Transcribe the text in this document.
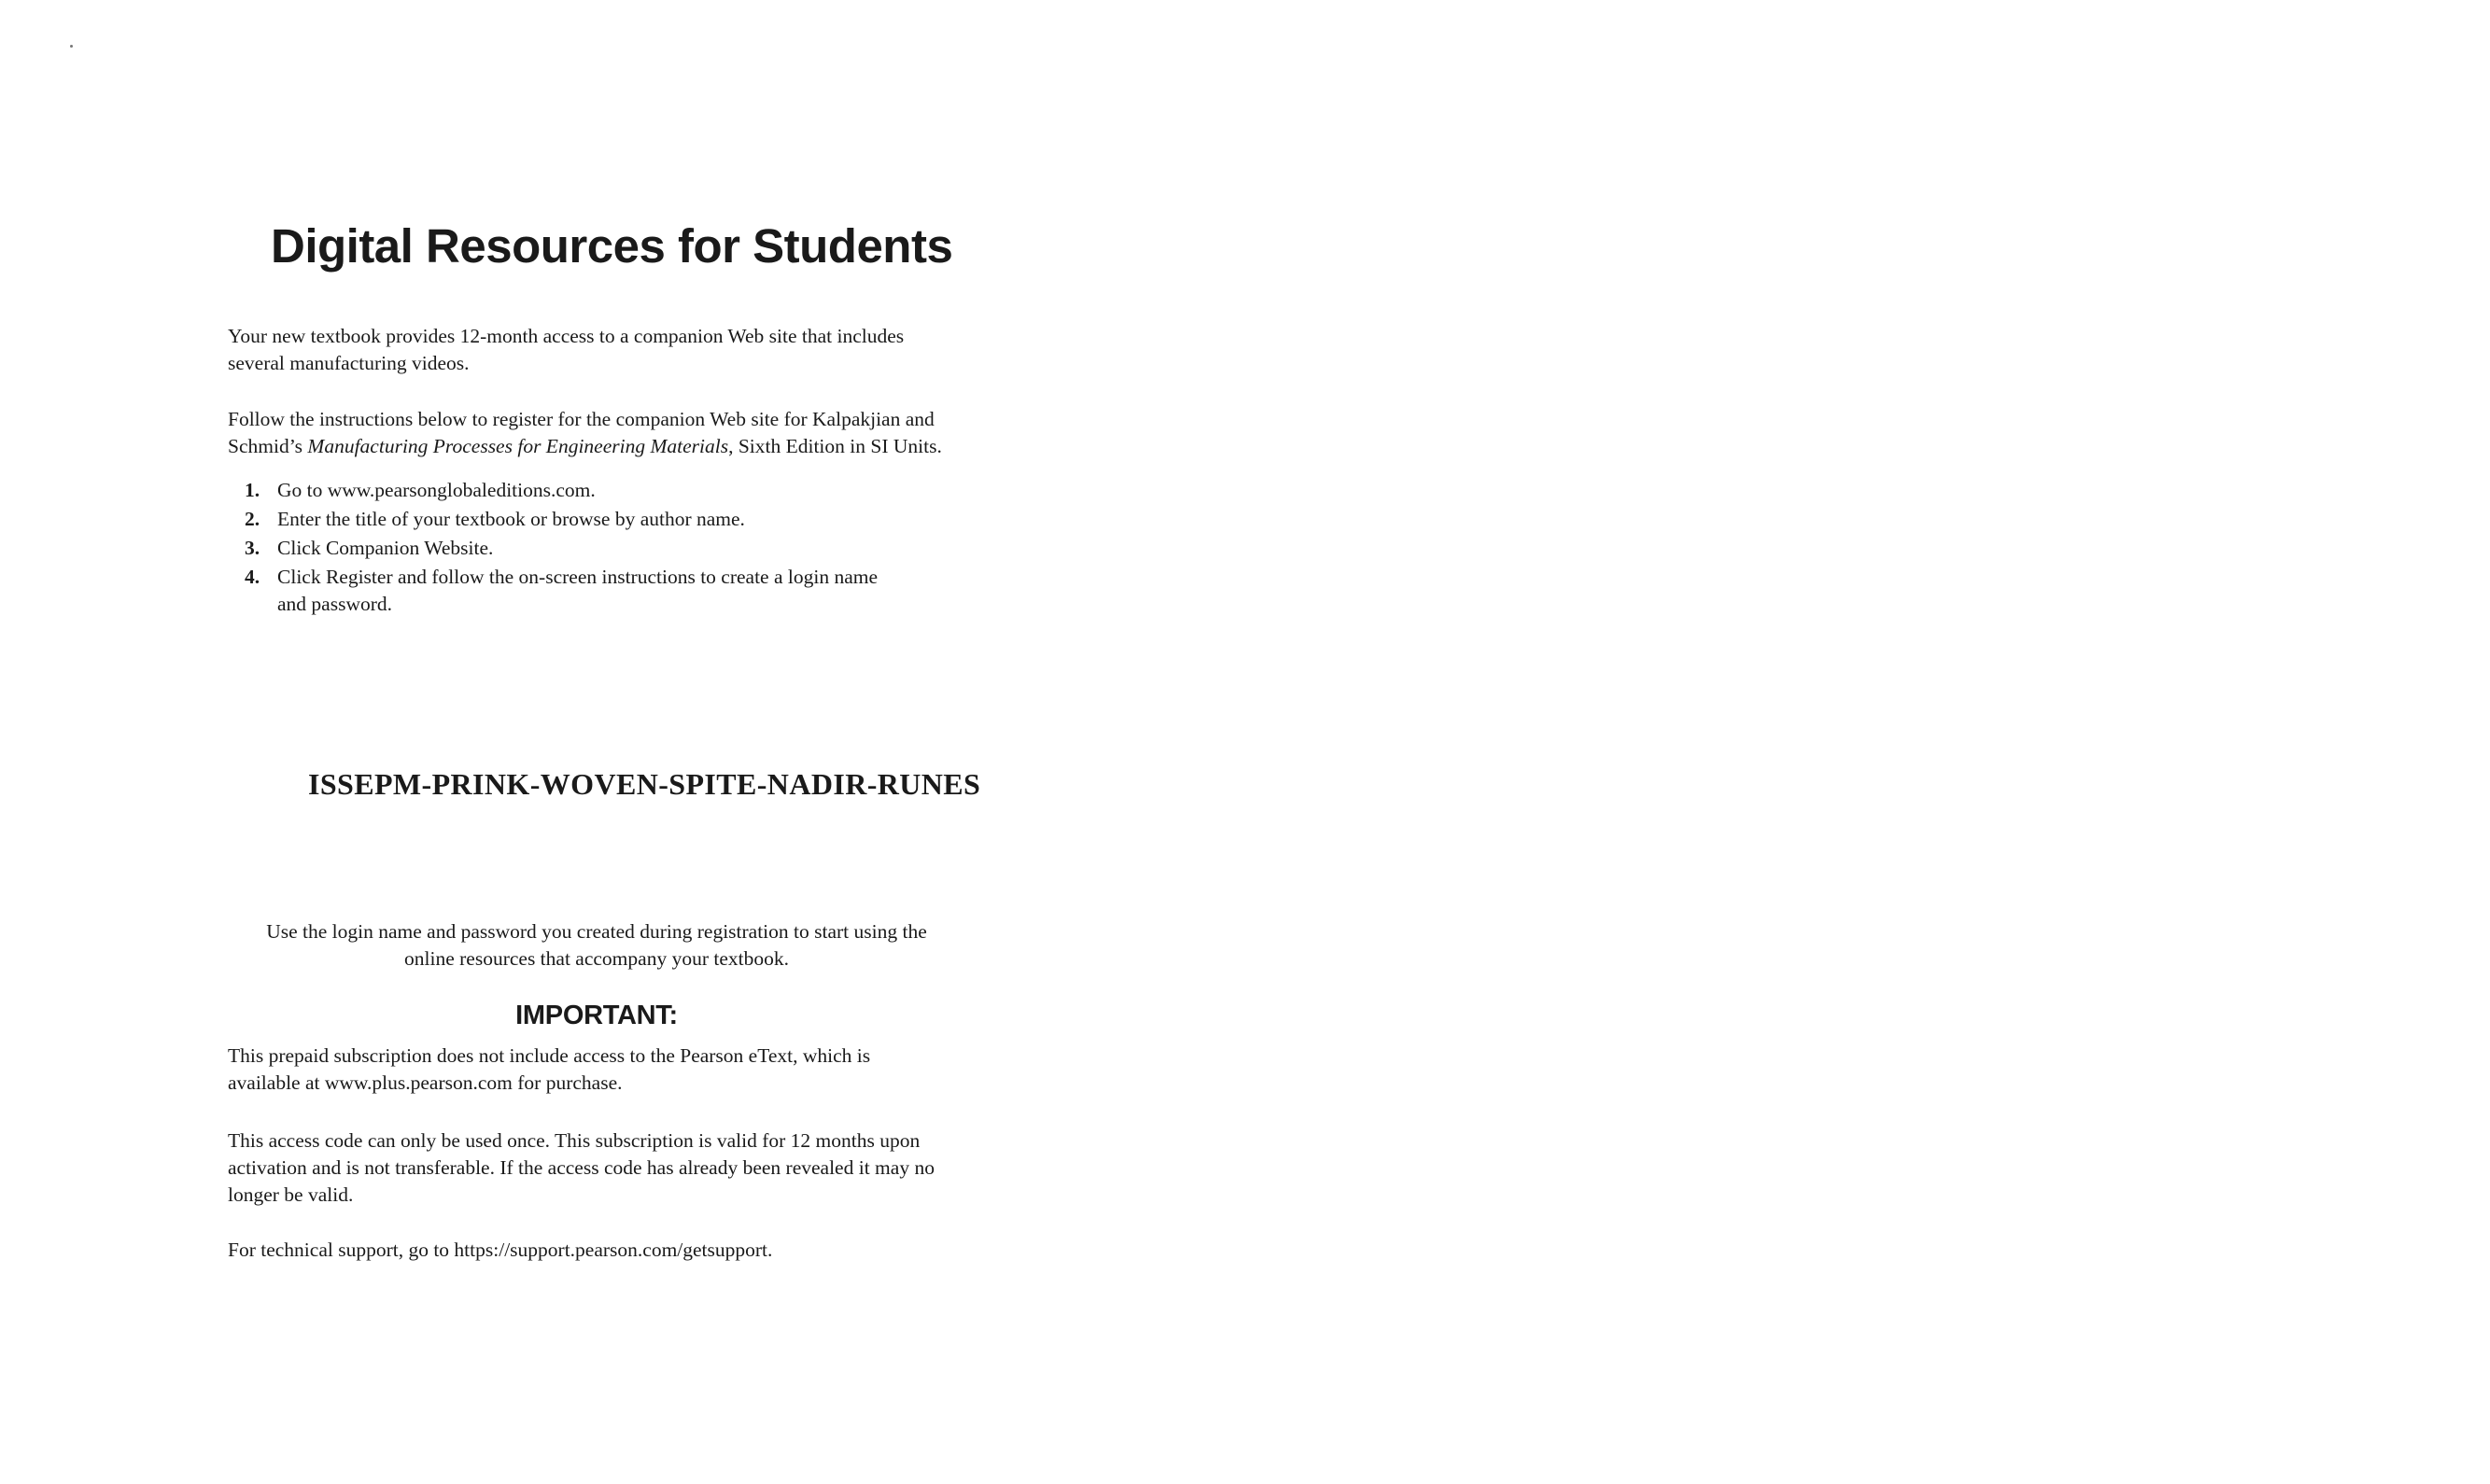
Digital Resources for Students

Your new textbook provides 12-month access to a companion Web site that includes
several manufacturing videos.

Follow the instructions below to register for the companion Web site for Kalpakjian and
Schmid’s Manufacturing Processes for Engineering Materials, Sixth Edition in SI Units.

1. Go to www.pearsonglobaleditions.com.
2. Enter the title of your textbook or browse by author name.
3. Click Companion Website.
4. Click Register and follow the on-screen instructions to create a login name
and password.
ISSEPM-PRINK-WOVEN-SPITE-NADIR-RUNES

Use the login name and password you created during registration to start using the
online resources that accompany your textbook.

IMPORTANT:

This prepaid subscription does not include access to the Pearson eText, which is
available at www.plus.pearson.com for purchase.

This access code can only be used once. This subscription is valid for 12 months upon
activation and is not transferable. If the access code has already been revealed it may no
longer be valid.

For technical support, go to https://support.pearson.com/getsupport.
